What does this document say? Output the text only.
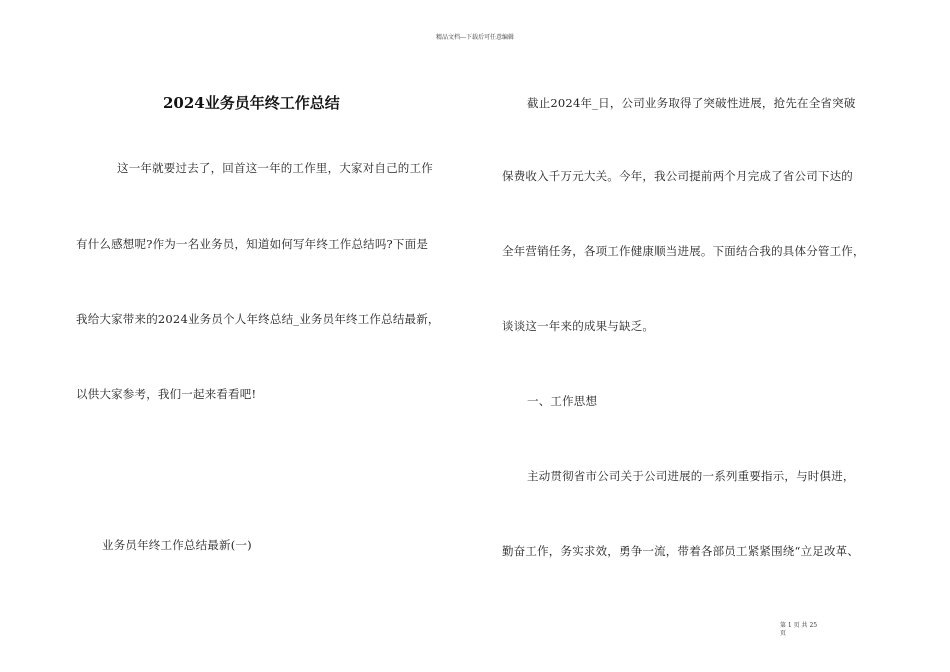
精品文档---下载后可任意编辑
2024业务员年终工作总结
这一年就要过去了，回首这一年的工作里，大家对自己的工作
有什么感想呢?作为一名业务员，知道如何写年终工作总结吗?下面是
我给大家带来的2024业务员个人年终总结_业务员年终工作总结最新，
以供大家参考，我们一起来看看吧!
业务员年终工作总结最新(一)
截止2024年_日，公司业务取得了突破性进展，抢先在全省突破
保费收入千万元大关。今年，我公司提前两个月完成了省公司下达的
全年营销任务，各项工作健康顺当进展。下面结合我的具体分管工作，
谈谈这一年来的成果与缺乏。
一、工作思想
主动贯彻省市公司关于公司进展的一系列重要指示，与时俱进，
勤奋工作，务实求效，勇争一流，带着各部员工紧紧围绕“立足改革、
第 1 页 共 25
页
